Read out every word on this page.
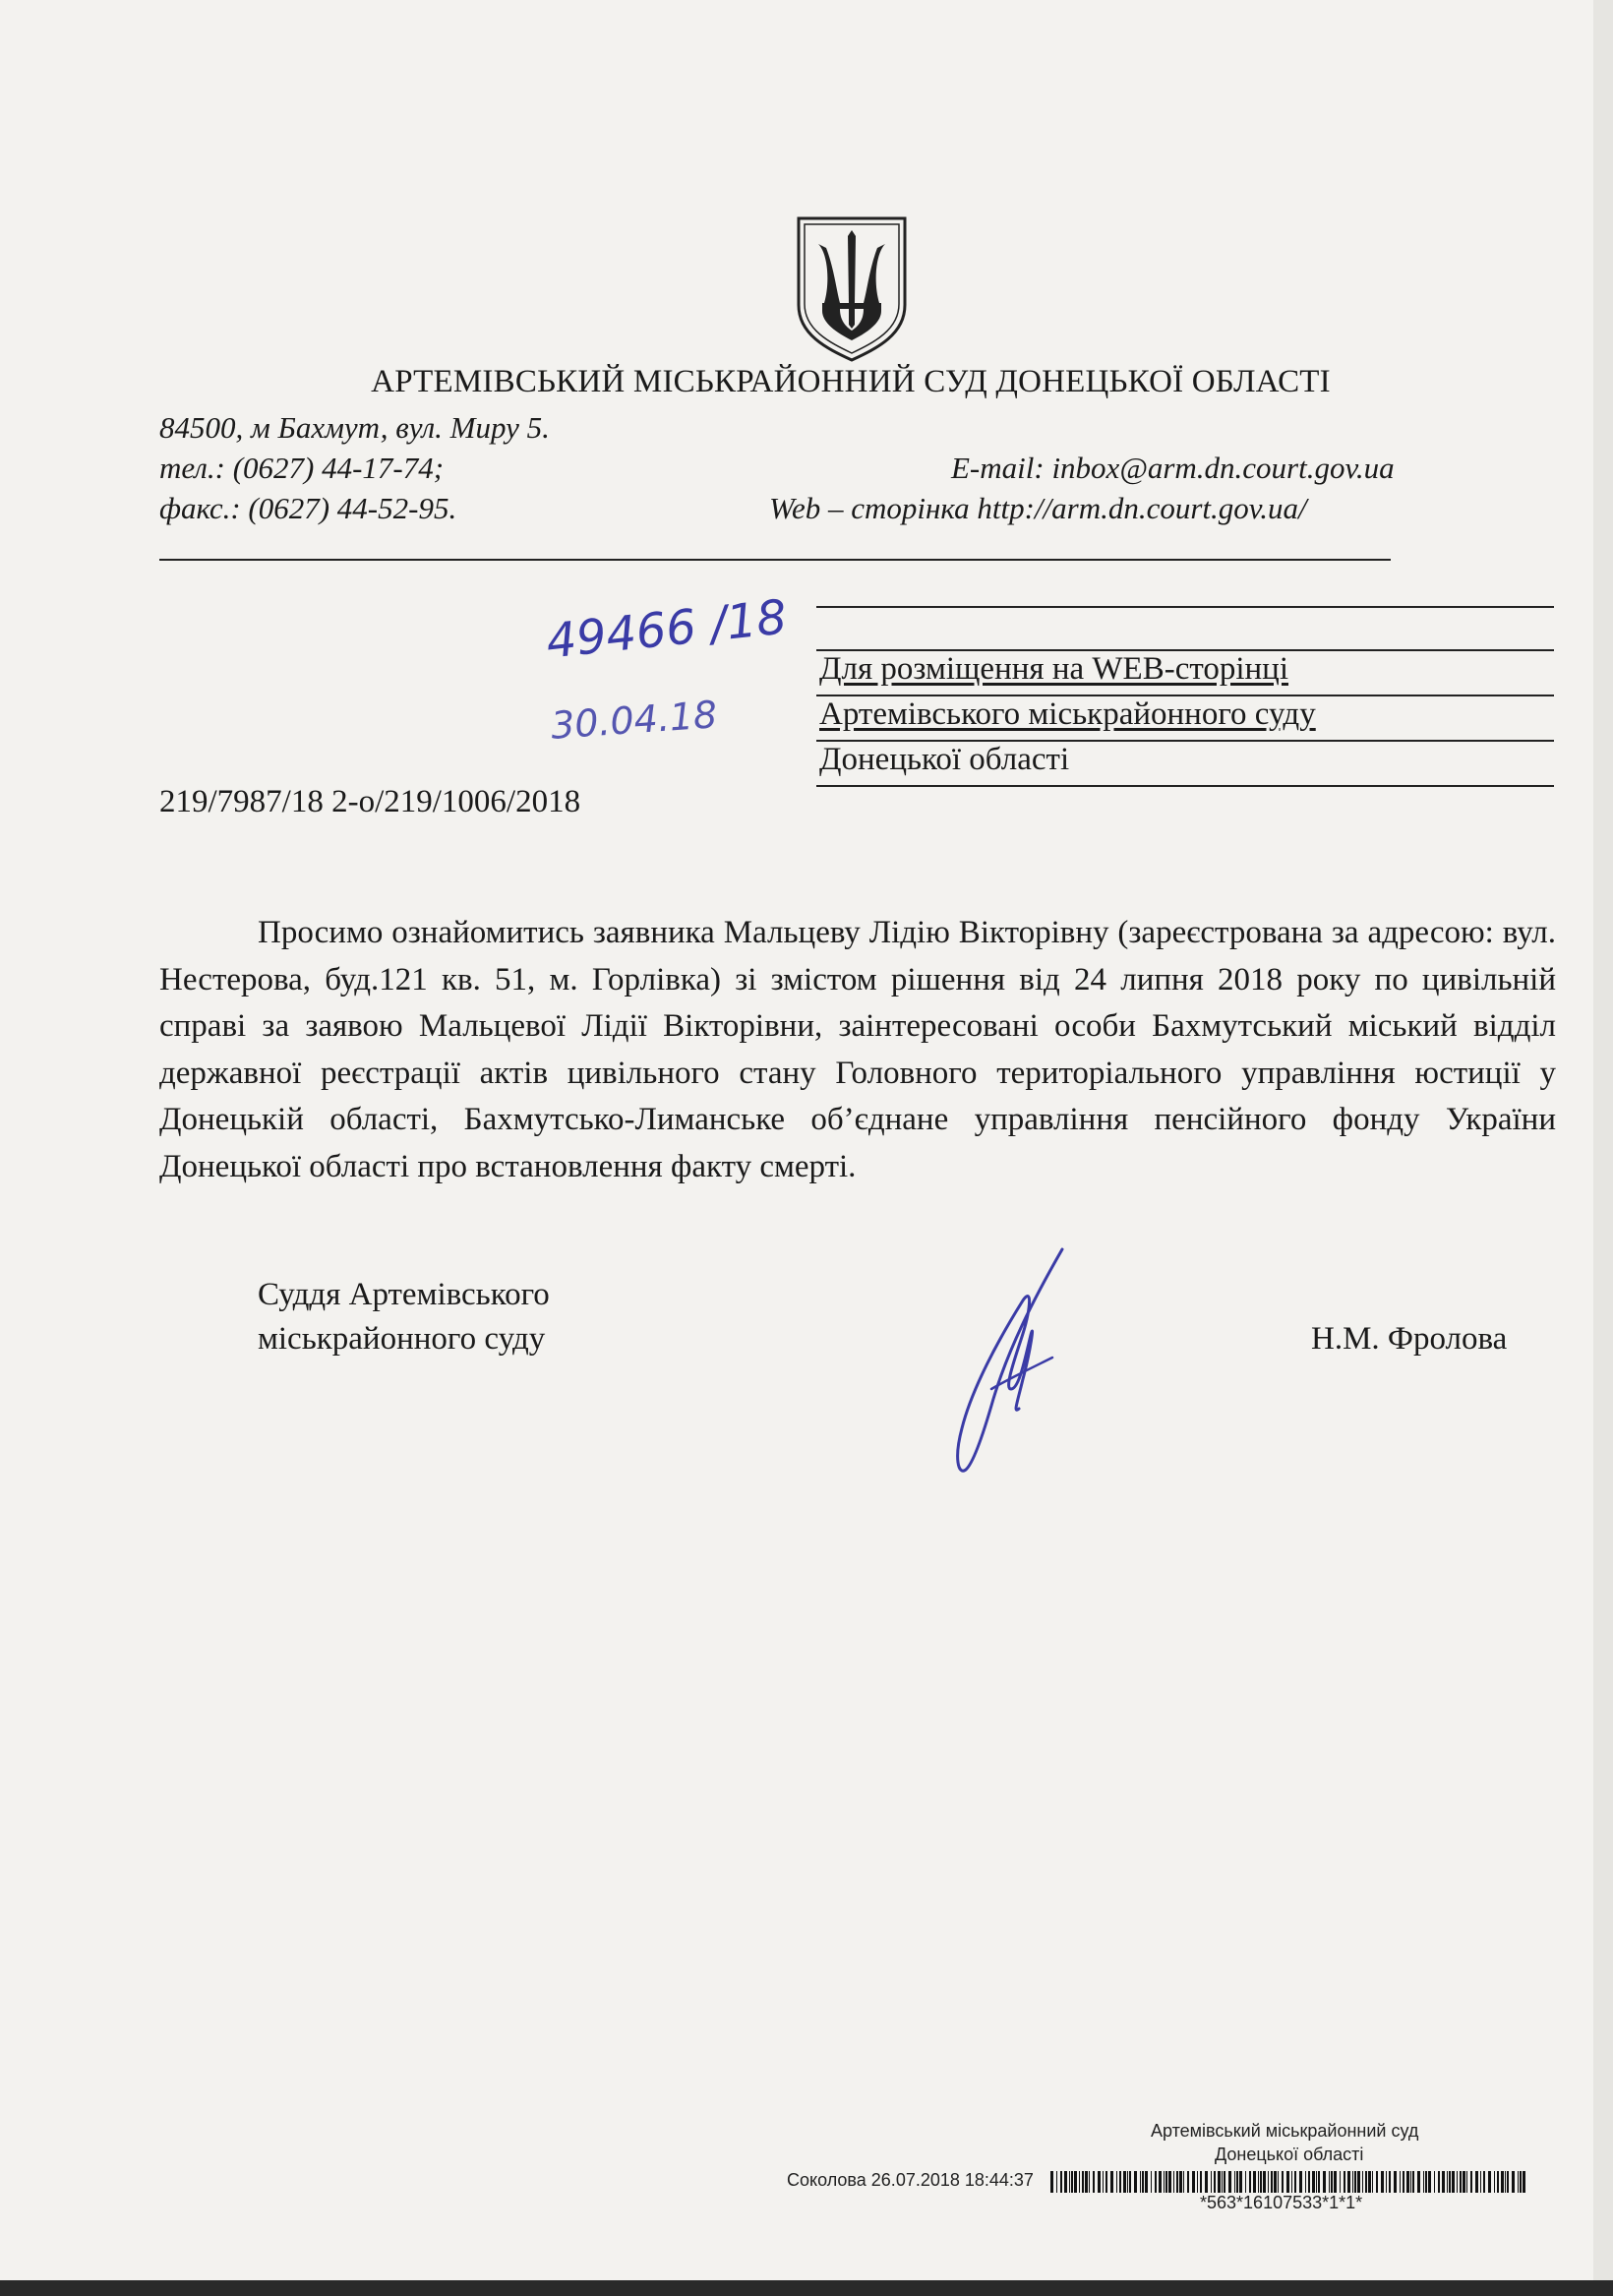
АРТЕМІВСЬКИЙ МІСЬКРАЙОННИЙ СУД ДОНЕЦЬКОЇ ОБЛАСТІ
84500, м Бахмут, вул. Миру 5.
тел.: (0627) 44-17-74;	E-mail: inbox@arm.dn.court.gov.ua
факс.: (0627) 44-52-95.	Web – сторінка http://arm.dn.court.gov.ua/
49466 /18
30.04.18
Для розміщення на WEB-сторінці
Артемівського міськрайонного суду
Донецької області
219/7987/18 2-о/219/1006/2018

Просимо ознайомитись заявника Мальцеву Лідію Вікторівну (зареєстрована за адресою: вул. Нестерова, буд.121 кв. 51, м. Горлівка) зі змістом рішення від 24 липня 2018 року по цивільній справі за заявою Мальцевої Лідії Вікторівни, заінтересовані особи Бахмутський міський відділ державної реєстрації актів цивільного стану Головного територіального управління юстиції у Донецькій області, Бахмутсько-Лиманське об’єднане управління пенсійного фонду України Донецької області про встановлення факту смерті.

Суддя Артемівського
міськрайонного суду	Н.М. Фролова
Артемівський міськрайонний суд
Донецької області
Соколова 26.07.2018 18:44:37
*563*16107533*1*1*
